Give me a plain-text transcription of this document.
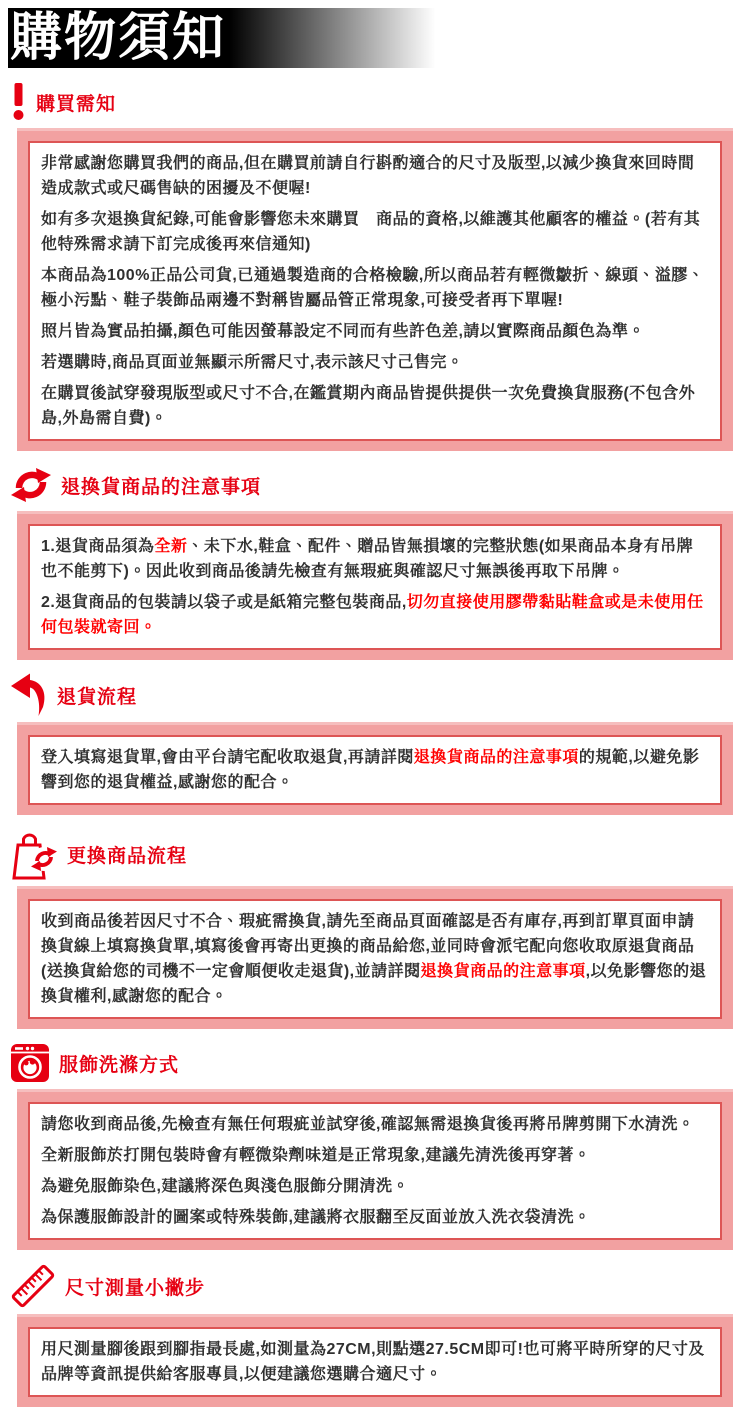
購物須知
購買需知

非常感謝您購買我們的商品,但在購買前請自行斟酌適合的尺寸及版型,以減少換貨來回時間造成款式或尺碼售缺的困擾及不便喔!

如有多次退換貨紀錄,可能會影響您未來購買　商品的資格,以維護其他顧客的權益。(若有其他特殊需求請下訂完成後再來信通知)

本商品為100%正品公司貨,已通過製造商的合格檢驗,所以商品若有輕微皺折、線頭、溢膠、極小污點、鞋子裝飾品兩邊不對稱皆屬品管正常現象,可接受者再下單喔!

照片皆為實品拍攝,顏色可能因螢幕設定不同而有些許色差,請以實際商品顏色為準。

若選購時,商品頁面並無顯示所需尺寸,表示該尺寸己售完。

在購買後試穿發現版型或尺寸不合,在鑑賞期內商品皆提供提供一次免費換貨服務(不包含外島,外島需自費)。

退換貨商品的注意事項

1.退貨商品須為全新、未下水,鞋盒、配件、贈品皆無損壞的完整狀態(如果商品本身有吊牌也不能剪下)。因此收到商品後請先檢查有無瑕疵與確認尺寸無誤後再取下吊牌。

2.退貨商品的包裝請以袋子或是紙箱完整包裝商品,切勿直接使用膠帶黏貼鞋盒或是未使用任何包裝就寄回。

退貨流程

登入填寫退貨單,會由平台請宅配收取退貨,再請詳閱退換貨商品的注意事項的規範,以避免影響到您的退貨權益,感謝您的配合。

更換商品流程

收到商品後若因尺寸不合、瑕疵需換貨,請先至商品頁面確認是否有庫存,再到訂單頁面申請換貨線上填寫換貨單,填寫後會再寄出更換的商品給您,並同時會派宅配向您收取原退貨商品(送換貨給您的司機不一定會順便收走退貨),並請詳閱退換貨商品的注意事項,以免影響您的退換貨權利,感謝您的配合。

服飾洗滌方式

請您收到商品後,先檢查有無任何瑕疵並試穿後,確認無需退換貨後再將吊牌剪開下水清洗。

全新服飾於打開包裝時會有輕微染劑味道是正常現象,建議先清洗後再穿著。

為避免服飾染色,建議將深色與淺色服飾分開清洗。

為保護服飾設計的圖案或特殊裝飾,建議將衣服翻至反面並放入洗衣袋清洗。

尺寸測量小撇步

用尺測量腳後跟到腳指最長處,如測量為27CM,則點選27.5CM即可!也可將平時所穿的尺寸及品牌等資訊提供給客服專員,以便建議您選購合適尺寸。
